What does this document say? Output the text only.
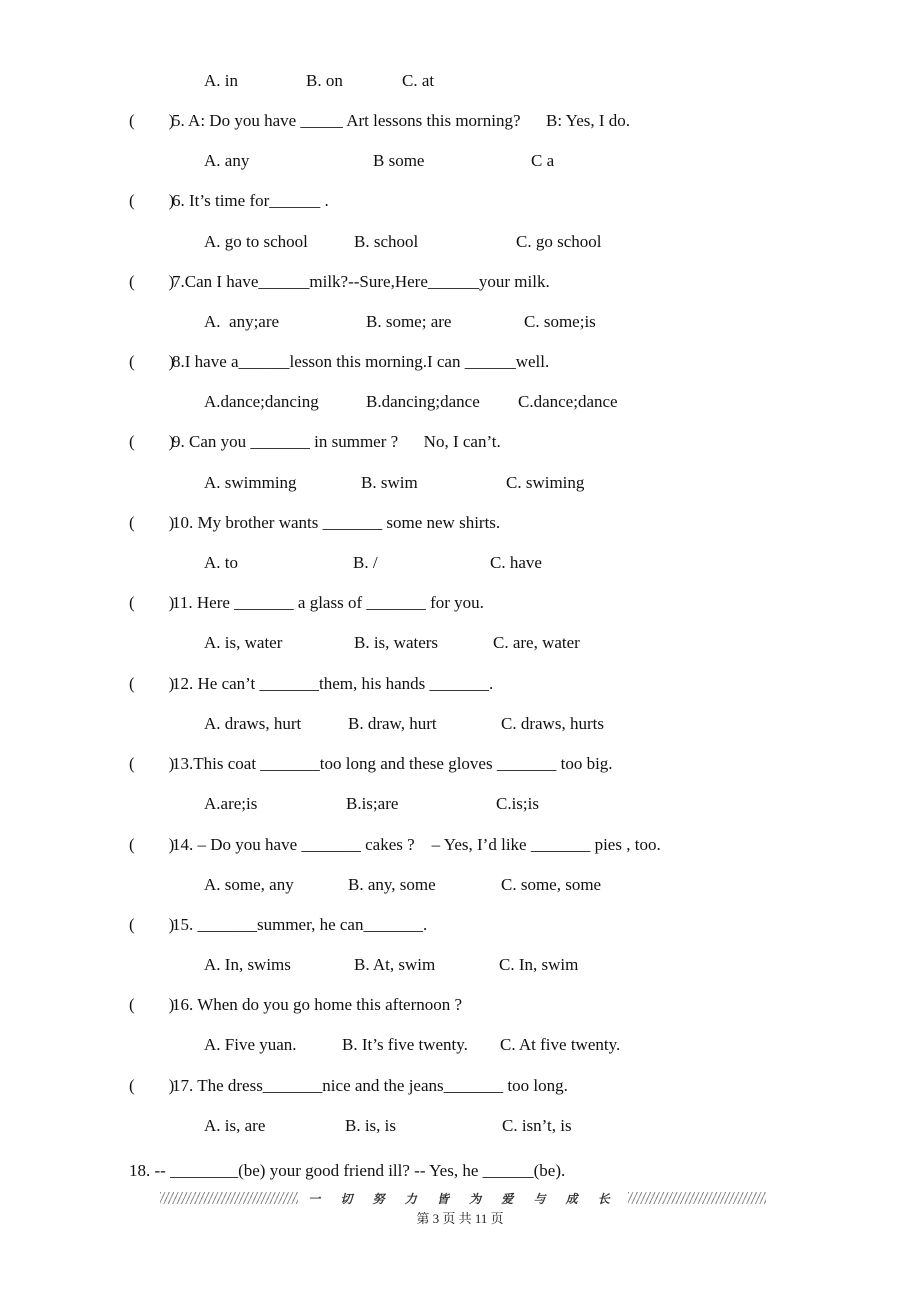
A. in	B. on	C. at
(        )
5. A: Do you have _____ Art lessons this morning?      B: Yes, I do.
A. any	B some	C a
(        )
6. It’s time for______ .
A. go to school	B. school	C. go school
(        )
7.Can I have______milk?--Sure,Here______your milk.
A.  any;are	B. some; are	C. some;is
(        )
8.I have a______lesson this morning.I can ______well.
A.dance;dancing	B.dancing;dance C.dance;dance
(        )
9. Can you _______ in summer ?      No, I can’t.
A. swimming	B. swim	C. swiming
(        )
10. My brother wants _______ some new shirts.
A. to	B. /	C. have
(        )
11. Here _______ a glass of _______ for you.
A. is, water	B. is, waters	C. are, water
(        )
12. He can’t _______them, his hands _______.
A. draws, hurt	B. draw, hurt	C. draws, hurts
(        )
13.This coat _______too long and these gloves _______ too big.
A.are;is	B.is;are	C.is;is
(        )
14. – Do you have _______ cakes ?    – Yes, I’d like _______ pies , too.
A. some, any	B. any, some	C. some, some
(        )
15. _______summer, he can_______.
A. In, swims	B. At, swim	C. In, swim
(        )
16. When do you go home this afternoon ?
A. Five yuan.	B. It’s five twenty. C. At five twenty.
(        )
17. The dress_______nice and the jeans_______ too long.
A. is, are	B. is, is	C. isn’t, is
18. -- ________(be) your good friend ill? -- Yes, he ______(be).
一 切 努 力 皆 为 爱 与 成 长
第 3 页 共 11 页
